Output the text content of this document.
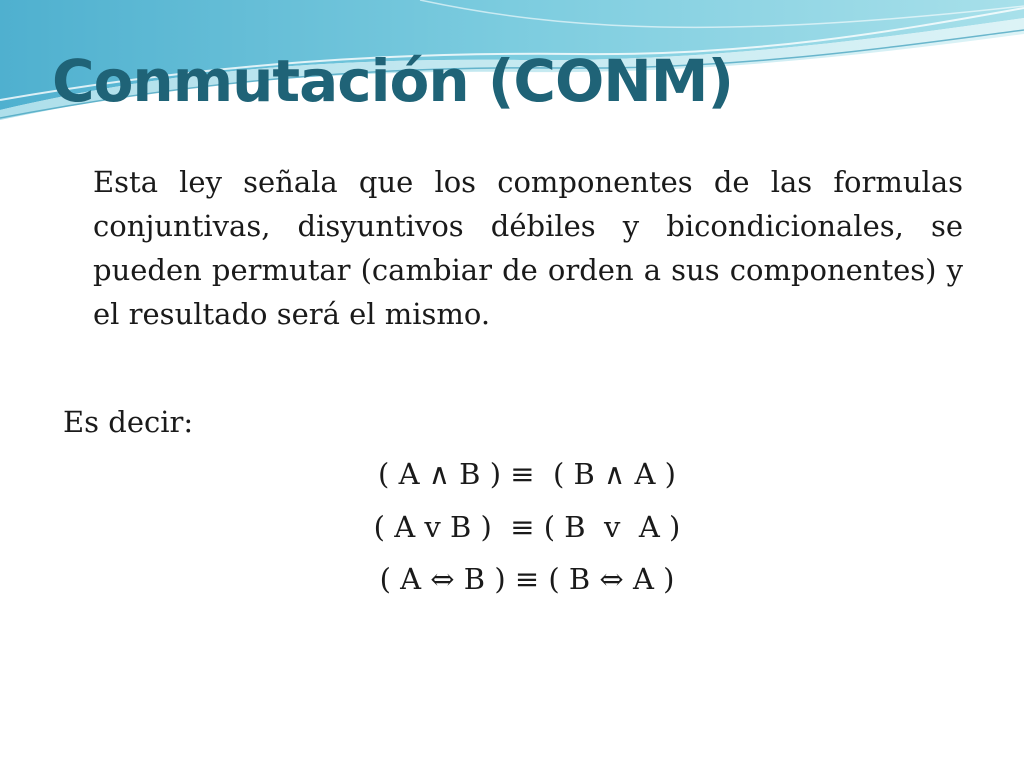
Conmutación (CONM)

Esta ley señala que los componentes de las formulas conjuntivas, disyuntivos débiles y bicondicionales, se pueden permutar (cambiar de orden a sus componentes) y el resultado será el mismo.

Es decir:

( A ∧ B ) ≡  ( B ∧ A )

( A v B )  ≡ ( B  v  A )

( A ⇔ B ) ≡ ( B ⇔ A )
